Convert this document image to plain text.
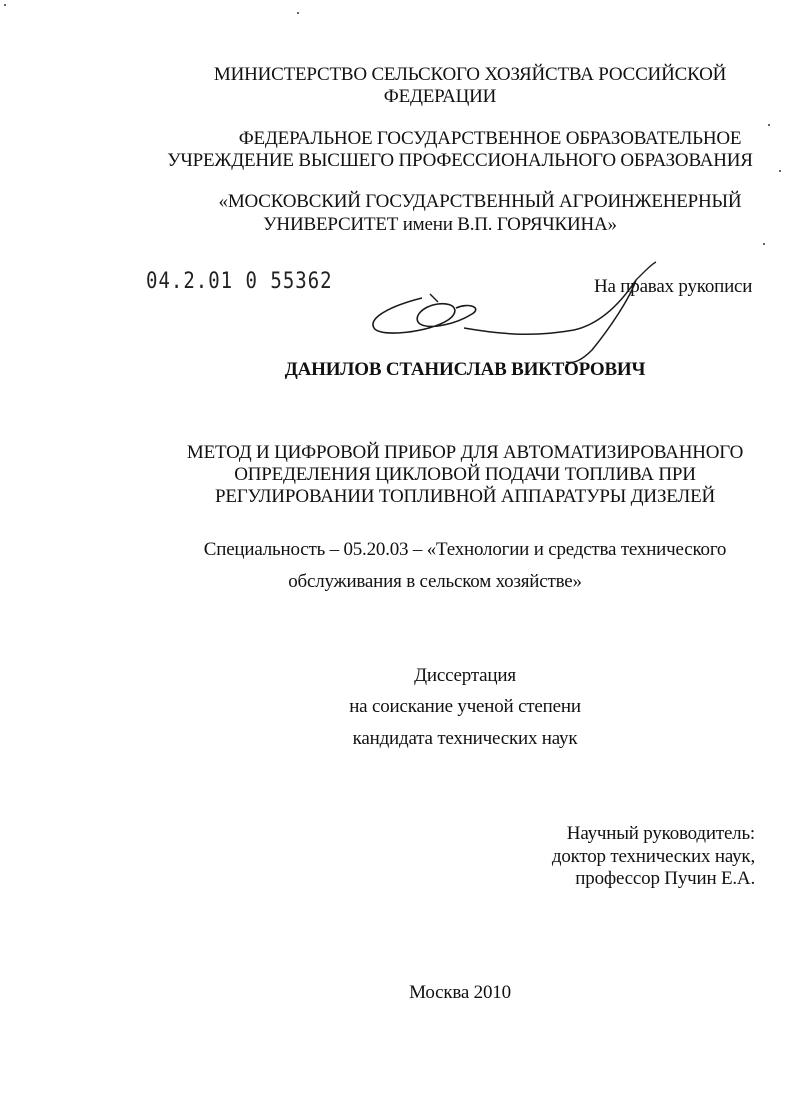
МИНИСТЕРСТВО СЕЛЬСКОГО ХОЗЯЙСТВА РОССИЙСКОЙ
ФЕДЕРАЦИИ
ФЕДЕРАЛЬНОЕ ГОСУДАРСТВЕННОЕ ОБРАЗОВАТЕЛЬНОЕ
УЧРЕЖДЕНИЕ ВЫСШЕГО ПРОФЕССИОНАЛЬНОГО ОБРАЗОВАНИЯ
«МОСКОВСКИЙ ГОСУДАРСТВЕННЫЙ АГРОИНЖЕНЕРНЫЙ
УНИВЕРСИТЕТ имени В.П. ГОРЯЧКИНА»
04.2.01 0 55362	На правах рукописи
ДАНИЛОВ СТАНИСЛАВ ВИКТОРОВИЧ
МЕТОД И ЦИФРОВОЙ ПРИБОР ДЛЯ АВТОМАТИЗИРОВАННОГО
ОПРЕДЕЛЕНИЯ ЦИКЛОВОЙ ПОДАЧИ ТОПЛИВА ПРИ
РЕГУЛИРОВАНИИ ТОПЛИВНОЙ АППАРАТУРЫ ДИЗЕЛЕЙ
Специальность – 05.20.03 – «Технологии и средства технического
обслуживания в сельском хозяйстве»
Диссертация
на соискание ученой степени
кандидата технических наук
Научный руководитель:
доктор технических наук,
профессор Пучин Е.А.
Москва 2010
